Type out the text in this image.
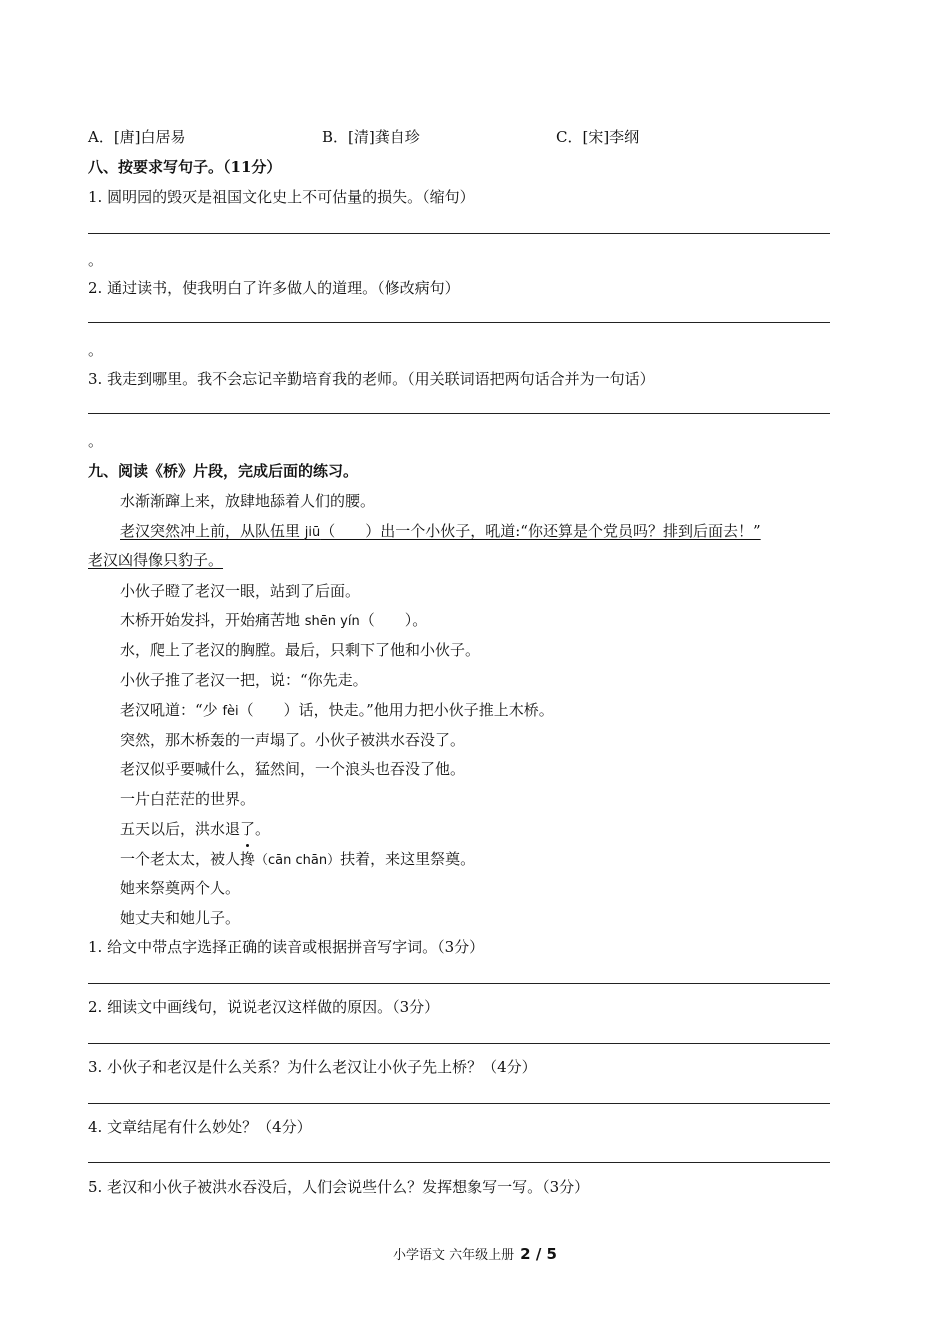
A．[唐]白居易	B．[清]龚自珍	C．[宋]李纲
八、按要求写句子。（11分）
1. 圆明园的毁灭是祖国文化史上不可估量的损失。（缩句）
。
2. 通过读书，使我明白了许多做人的道理。（修改病句）
。
3. 我走到哪里。我不会忘记辛勤培育我的老师。（用关联词语把两句话合并为一句话）
。
九、阅读《桥》片段，完成后面的练习。
水渐渐蹿上来，放肆地舔着人们的腰。
老汉突然冲上前，从队伍里 jiū（　　）出一个小伙子，吼道:“你还算是个党员吗？排到后面去！”
老汉凶得像只豹子。
小伙子瞪了老汉一眼，站到了后面。
木桥开始发抖，开始痛苦地 shēn yín（　　）。
水，爬上了老汉的胸膛。最后，只剩下了他和小伙子。
小伙子推了老汉一把，说：“你先走。
老汉吼道：“少 fèi（　　）话，快走。”他用力把小伙子推上木桥。
突然，那木桥轰的一声塌了。小伙子被洪水吞没了。
老汉似乎要喊什么，猛然间，一个浪头也吞没了他。
一片白茫茫的世界。
五天以后，洪水退了。
一个老太太，被人搀（cān chān）扶着，来这里祭奠。
她来祭奠两个人。
她丈夫和她儿子。
1. 给文中带点字选择正确的读音或根据拼音写字词。（3分）
2. 细读文中画线句，说说老汉这样做的原因。（3分）
3. 小伙子和老汉是什么关系？为什么老汉让小伙子先上桥？（4分）
4. 文章结尾有什么妙处？（4分）
5. 老汉和小伙子被洪水吞没后，人们会说些什么？发挥想象写一写。（3分）
小学语文 六年级上册 2 / 5
